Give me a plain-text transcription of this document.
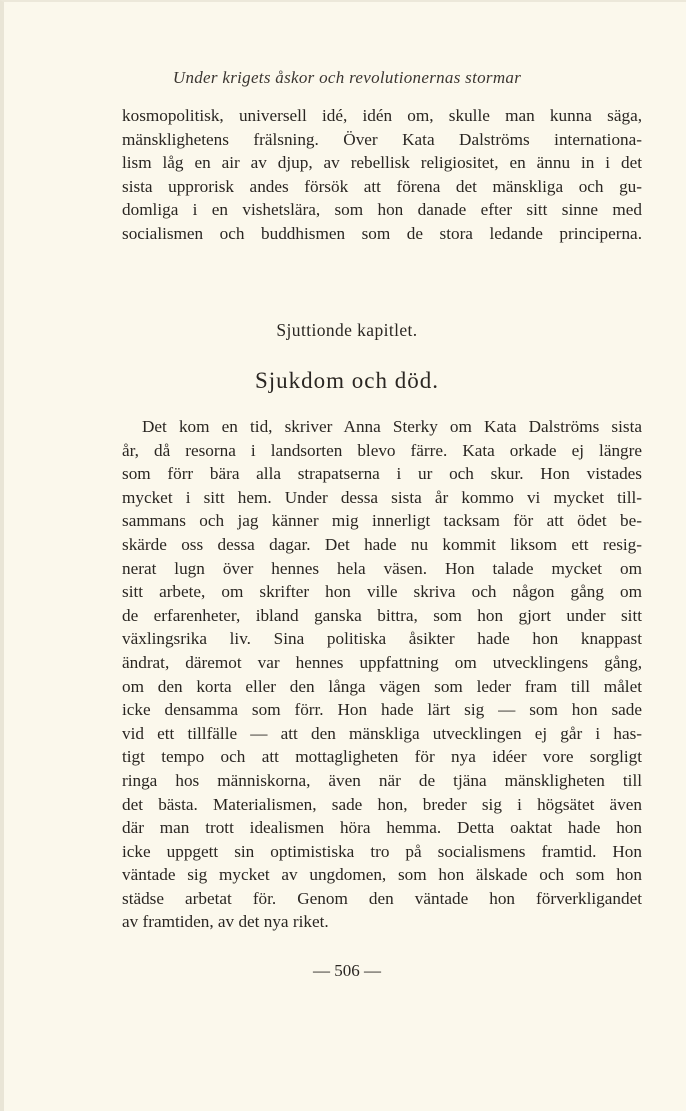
Under krigets åskor och revolutionernas stormar
kosmopolitisk, universell idé, idén om, skulle man kunna säga,
mänsklighetens frälsning. Över Kata Dalströms internationa-
lism låg en air av djup, av rebellisk religiositet, en ännu in i det
sista upprorisk andes försök att förena det mänskliga och gu-
domliga i en vishetslära, som hon danade efter sitt sinne med
socialismen och buddhismen som de stora ledande principerna.
Sjuttionde kapitlet.
Sjukdom och död.
Det kom en tid, skriver Anna Sterky om Kata Dalströms sista
år, då resorna i landsorten blevo färre. Kata orkade ej längre
som förr bära alla strapatserna i ur och skur. Hon vistades
mycket i sitt hem. Under dessa sista år kommo vi mycket till-
sammans och jag känner mig innerligt tacksam för att ödet be-
skärde oss dessa dagar. Det hade nu kommit liksom ett resig-
nerat lugn över hennes hela väsen. Hon talade mycket om
sitt arbete, om skrifter hon ville skriva och någon gång om
de erfarenheter, ibland ganska bittra, som hon gjort under sitt
växlingsrika liv. Sina politiska åsikter hade hon knappast
ändrat, däremot var hennes uppfattning om utvecklingens gång,
om den korta eller den långa vägen som leder fram till målet
icke densamma som förr. Hon hade lärt sig — som hon sade
vid ett tillfälle — att den mänskliga utvecklingen ej går i has-
tigt tempo och att mottagligheten för nya idéer vore sorgligt
ringa hos människorna, även när de tjäna mänskligheten till
det bästa. Materialismen, sade hon, breder sig i högsätet även
där man trott idealismen höra hemma. Detta oaktat hade hon
icke uppgett sin optimistiska tro på socialismens framtid. Hon
väntade sig mycket av ungdomen, som hon älskade och som hon
städse arbetat för. Genom den väntade hon förverkligandet
av framtiden, av det nya riket.
— 506 —
